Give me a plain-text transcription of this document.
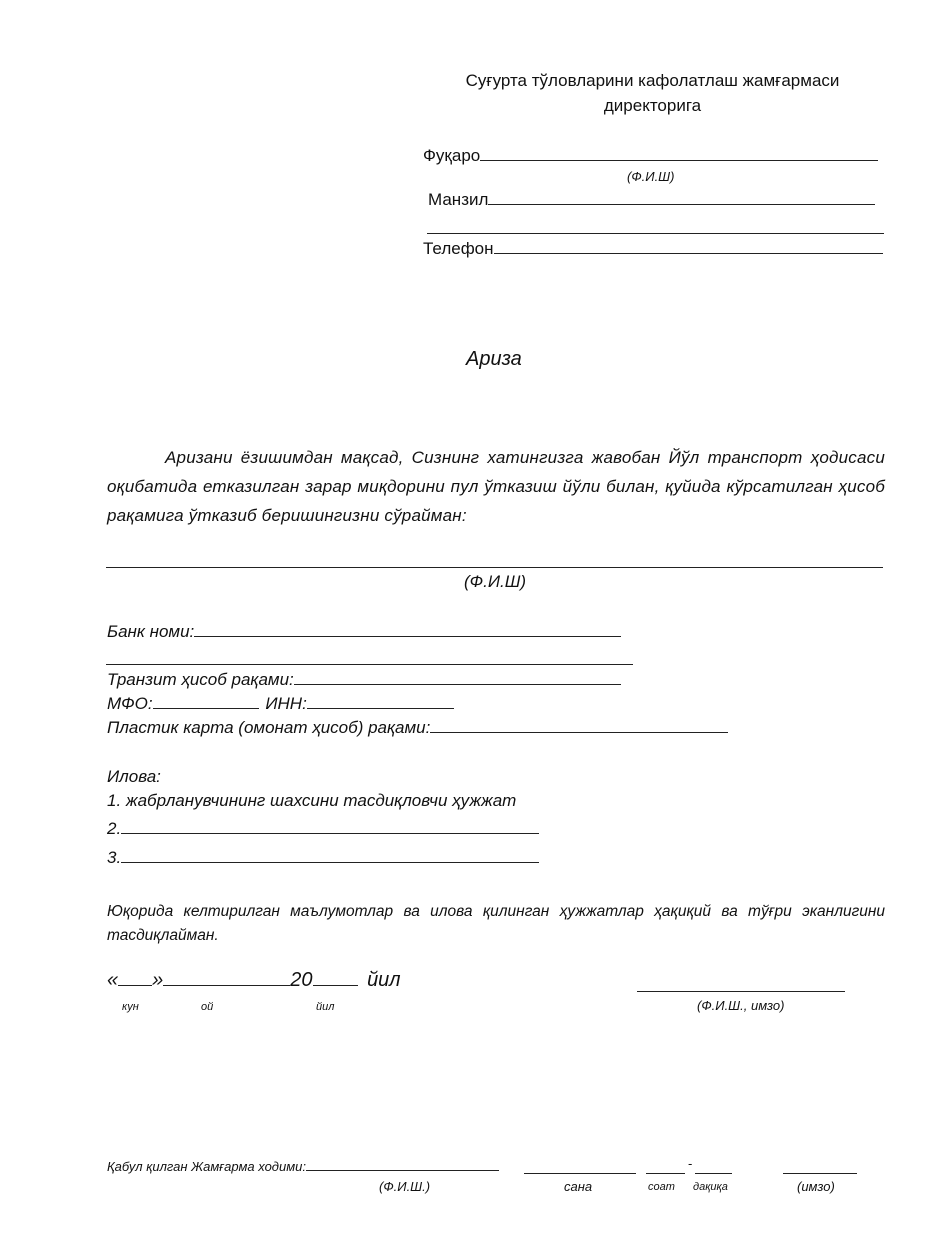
Суғурта тўловларини кафолатлаш жамғармаси
директорига
Фуқаро
(Ф.И.Ш)
Манзил
Телефон
Ариза
Аризани ёзишимдан мақсад, Сизнинг хатингизга жавобан Йўл транспорт ҳодисаси оқибатида етказилган зарар миқдорини пул ўтказиш йўли билан, қуйида кўрсатилган ҳисоб рақамига ўтказиб беришингизни сўрайман:
(Ф.И.Ш)
Банк номи:
Транзит ҳисоб рақами:
МФО:	ИНН:
Пластик карта (омонат ҳисоб) рақами:
Илова:
1. жабрланувчининг шахсини тасдиқловчи ҳужжат
2.
3.
Юқорида келтирилган маълумотлар ва илова қилинган ҳужжатлар ҳақиқий ва тўғри эканлигини тасдиқлайман.
« »	20	йил
кун	ой	йил	(Ф.И.Ш., имзо)
Қабул қилган Жамғарма ходими:	-
(Ф.И.Ш.)	сана	соат дақиқа	(имзо)
